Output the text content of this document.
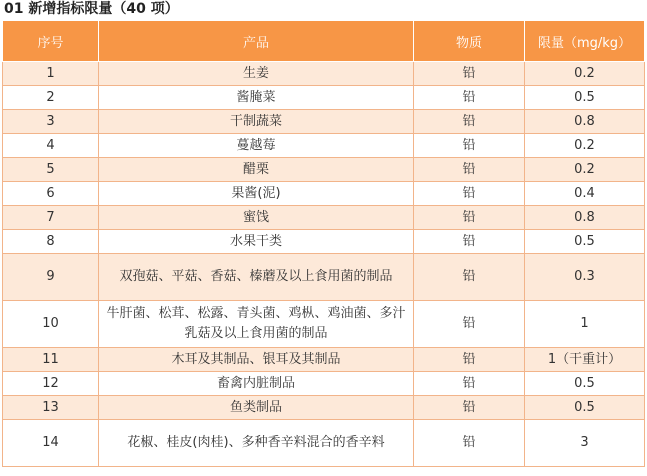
01 新增指标限量（40 项）
序号	产品	物质	限量（mg/kg）
1	生姜	铅	0.2
2	酱腌菜	铅	0.5
3	干制蔬菜	铅	0.8
4	蔓越莓	铅	0.2
5	醋栗	铅	0.2
6	果酱(泥)	铅	0.4
7	蜜饯	铅	0.8
8	水果干类	铅	0.5
9	双孢菇、平菇、香菇、榛蘑及以上食用菌的制品	铅	0.3
10	牛肝菌、松茸、松露、青头菌、鸡枞、鸡油菌、多汁乳菇及以上食用菌的制品	铅	1
11	木耳及其制品、银耳及其制品	铅	1（干重计）
12	畜禽内脏制品	铅	0.5
13	鱼类制品	铅	0.5
14	花椒、桂皮(肉桂)、多种香辛料混合的香辛料	铅	3
